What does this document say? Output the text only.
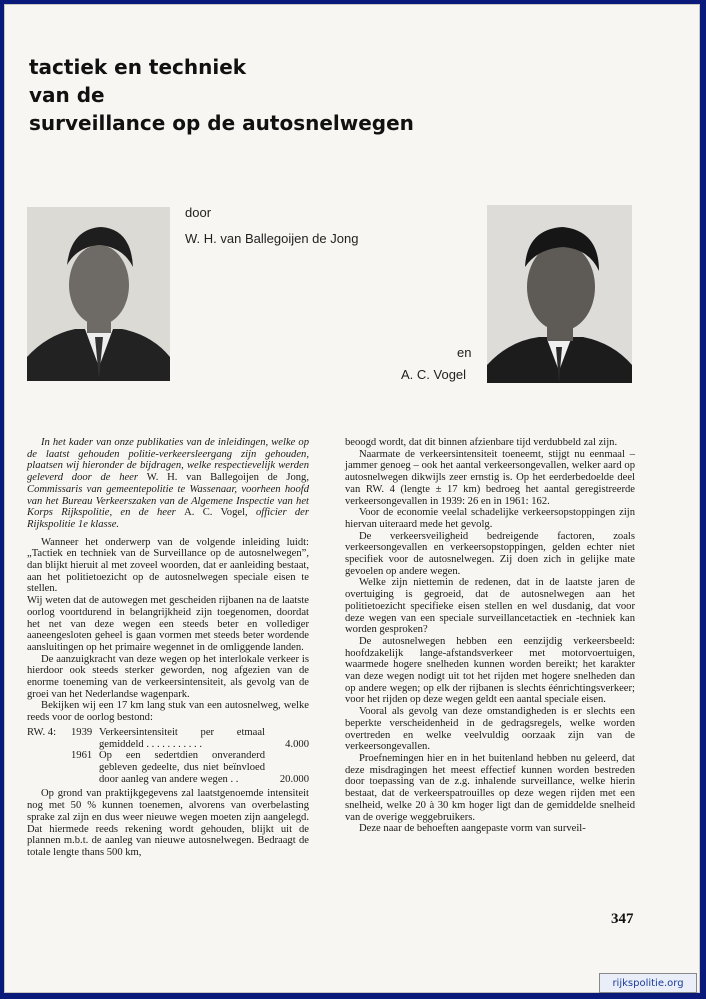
tactiek en techniek
van de
surveillance op de autosnelwegen
door
W. H. van Ballegoijen de Jong
en
A. C. Vogel

In het kader van onze publikaties van de inleidingen, welke op de laatst gehouden politie-verkeersleergang zijn gehouden, plaatsen wij hieronder de bijdragen, welke respectievelijk werden geleverd door de heer W. H. van Ballegoijen de Jong, Commissaris van gemeentepolitie te Wassenaar, voorheen hoofd van het Bureau Verkeerszaken van de Algemene Inspectie van het Korps Rijkspolitie, en de heer A. C. Vogel, officier der Rijkspolitie 1e klasse.

Wanneer het onderwerp van de volgende inleiding luidt: „Tactiek en techniek van de Surveillance op de autosnelwegen”, dan blijkt hieruit al met zoveel woorden, dat er aanleiding bestaat, aan het politietoezicht op de autosnelwegen speciale eisen te stellen.

Wij weten dat de autowegen met gescheiden rijbanen na de laatste oorlog voortdurend in belangrijkheid zijn toegenomen, doordat het net van deze wegen een steeds beter en vollediger aaneengesloten geheel is gaan vormen met steeds beter wordende aansluitingen op het primaire wegennet in de omliggende landen.

De aanzuigkracht van deze wegen op het interlokale verkeer is hierdoor ook steeds sterker geworden, nog afgezien van de enorme toeneming van de verkeersintensiteit, als gevolg van de groei van het Nederlandse wagenpark.

Bekijken wij een 17 km lang stuk van een autosnelweg, welke reeds voor de oorlog bestond:

RW. 4:	1939 Verkeersintensiteit per etmaal gemiddeld . . . . . . . . . . .	4.000
1961 Op een sedertdien onveranderd gebleven gedeelte, dus niet beïnvloed door aanleg van andere wegen . .	20.000

Op grond van praktijkgegevens zal laatstgenoemde intensiteit nog met 50 % kunnen toenemen, alvorens van overbelasting sprake zal zijn en dus weer nieuwe wegen moeten zijn aangelegd. Dat hiermede reeds rekening wordt gehouden, blijkt uit de plannen m.b.t. de aanleg van nieuwe autosnelwegen. Bedraagt de totale lengte thans 500 km,

beoogd wordt, dat dit binnen afzienbare tijd verdubbeld zal zijn.

Naarmate de verkeersintensiteit toeneemt, stijgt nu eenmaal – jammer genoeg – ook het aantal verkeersongevallen, welker aard op autosnelwegen dikwijls zeer ernstig is. Op het eerderbedoelde deel van RW. 4 (lengte ± 17 km) bedroeg het aantal geregistreerde verkeersongevallen in 1939: 26 en in 1961: 162.

Voor de economie veelal schadelijke verkeersopstoppingen zijn hiervan uiteraard mede het gevolg.

De verkeersveiligheid bedreigende factoren, zoals verkeersongevallen en verkeersopstoppingen, gelden echter niet specifiek voor de autosnelwegen. Zij doen zich in gelijke mate gevoelen op andere wegen.

Welke zijn niettemin de redenen, dat in de laatste jaren de overtuiging is gegroeid, dat de autosnelwegen aan het politietoezicht specifieke eisen stellen en wel dusdanig, dat voor deze wegen van een speciale surveillancetactiek en -techniek kan worden gesproken?

De autosnelwegen hebben een eenzijdig verkeersbeeld: hoofdzakelijk lange-afstandsverkeer met motorvoertuigen, waarmede hogere snelheden kunnen worden bereikt; het karakter van deze wegen nodigt uit tot het rijden met hogere snelheden dan op andere wegen; op elk der rijbanen is slechts éénrichtingsverkeer; voor het rijden op deze wegen geldt een aantal speciale eisen.

Vooral als gevolg van deze omstandigheden is er slechts een beperkte verscheidenheid in de gedragsregels, welke worden overtreden en welke veelvuldig oorzaak zijn van de verkeersongevallen.

Proefnemingen hier en in het buitenland hebben nu geleerd, dat deze misdragingen het meest effectief kunnen worden bestreden door toepassing van de z.g. inhalende surveillance, welke hierin bestaat, dat de verkeerspatrouilles op deze wegen rijden met een snelheid, welke 20 à 30 km hoger ligt dan de gemiddelde snelheid van de overige weggebruikers.

Deze naar de behoeften aangepaste vorm van surveil-

347
rijkspolitie.org
